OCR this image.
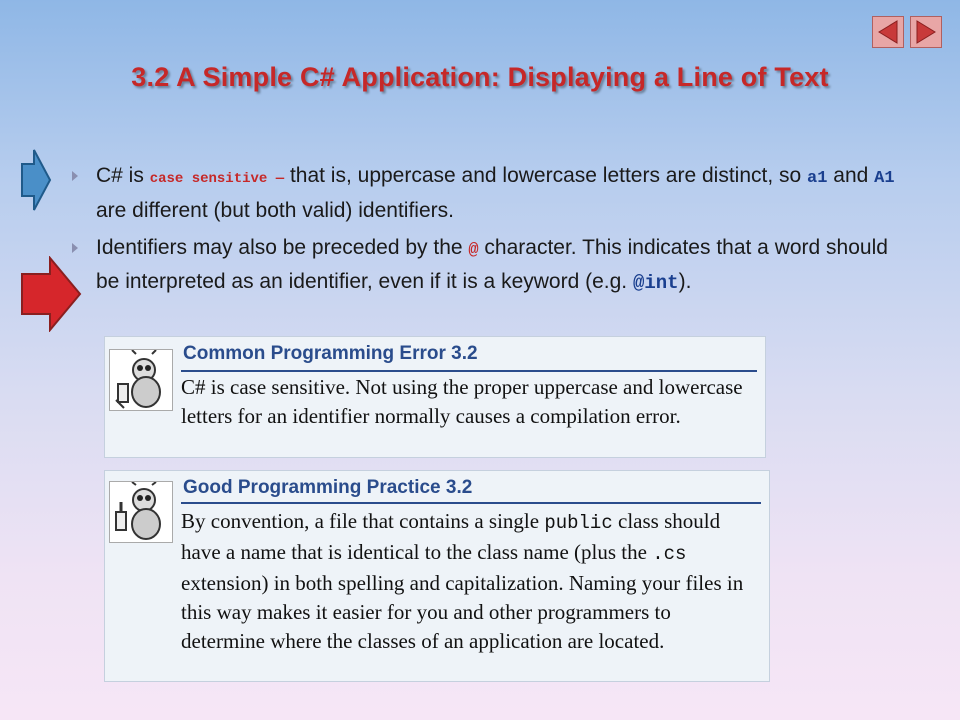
3.2 A Simple C# Application: Displaying a Line of Text
C# is case sensitive — that is, uppercase and lowercase letters are distinct, so a1 and A1 are different (but both valid) identifiers.
Identifiers may also be preceded by the @ character. This indicates that a word should be interpreted as an identifier, even if it is a keyword (e.g. @int).
Common Programming Error 3.2
C# is case sensitive. Not using the proper uppercase and lowercase letters for an identifier normally causes a compilation error.
Good Programming Practice 3.2
By convention, a file that contains a single public class should have a name that is identical to the class name (plus the .cs extension) in both spelling and capitalization. Naming your files in this way makes it easier for you and other programmers to determine where the classes of an application are located.
